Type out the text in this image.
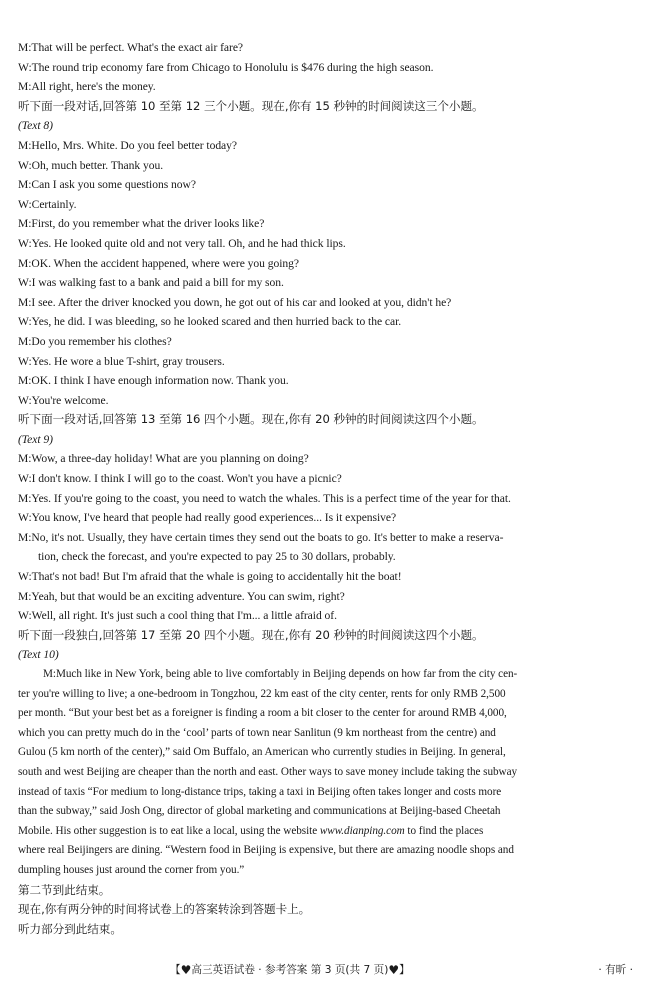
M:That will be perfect. What's the exact air fare?
W:The round trip economy fare from Chicago to Honolulu is $476 during the high season.
M:All right, here's the money.
听下面一段对话,回答第 10 至第 12 三个小题。现在,你有 15 秒钟的时间阅读这三个小题。
(Text 8)
M:Hello, Mrs. White. Do you feel better today?
W:Oh, much better. Thank you.
M:Can I ask you some questions now?
W:Certainly.
M:First, do you remember what the driver looks like?
W:Yes. He looked quite old and not very tall. Oh, and he had thick lips.
M:OK. When the accident happened, where were you going?
W:I was walking fast to a bank and paid a bill for my son.
M:I see. After the driver knocked you down, he got out of his car and looked at you, didn't he?
W:Yes, he did. I was bleeding, so he looked scared and then hurried back to the car.
M:Do you remember his clothes?
W:Yes. He wore a blue T-shirt, gray trousers.
M:OK. I think I have enough information now. Thank you.
W:You're welcome.
听下面一段对话,回答第 13 至第 16 四个小题。现在,你有 20 秒钟的时间阅读这四个小题。
(Text 9)
M:Wow, a three-day holiday! What are you planning on doing?
W:I don't know. I think I will go to the coast. Won't you have a picnic?
M:Yes. If you're going to the coast, you need to watch the whales. This is a perfect time of the year for that.
W:You know, I've heard that people had really good experiences... Is it expensive?
M:No, it's not. Usually, they have certain times they send out the boats to go. It's better to make a reserva-
tion, check the forecast, and you're expected to pay 25 to 30 dollars, probably.
W:That's not bad! But I'm afraid that the whale is going to accidentally hit the boat!
M:Yeah, but that would be an exciting adventure. You can swim, right?
W:Well, all right. It's just such a cool thing that I'm... a little afraid of.
听下面一段独白,回答第 17 至第 20 四个小题。现在,你有 20 秒钟的时间阅读这四个小题。
(Text 10)
M:Much like in New York, being able to live comfortably in Beijing depends on how far from the city cen-
ter you're willing to live; a one-bedroom in Tongzhou, 22 km east of the city center, rents for only RMB 2,500
per month. “But your best bet as a foreigner is finding a room a bit closer to the center for around RMB 4,000,
which you can pretty much do in the ‘cool’ parts of town near Sanlitun (9 km northeast from the centre) and
Gulou (5 km north of the center),” said Om Buffalo, an American who currently studies in Beijing. In general,
south and west Beijing are cheaper than the north and east. Other ways to save money include taking the subway
instead of taxis “For medium to long-distance trips, taking a taxi in Beijing often takes longer and costs more
than the subway,” said Josh Ong, director of global marketing and communications at Beijing-based Cheetah
Mobile. His other suggestion is to eat like a local, using the website www.dianping.com to find the places
where real Beijingers are dining. “Western food in Beijing is expensive, but there are amazing noodle shops and
dumpling houses just around the corner from you.”
第二节到此结束。
现在,你有两分钟的时间将试卷上的答案转涂到答题卡上。
听力部分到此结束。
【♥高三英语试卷 · 参考答案 第 3 页(共 7 页)♥】	· 有昕 ·
